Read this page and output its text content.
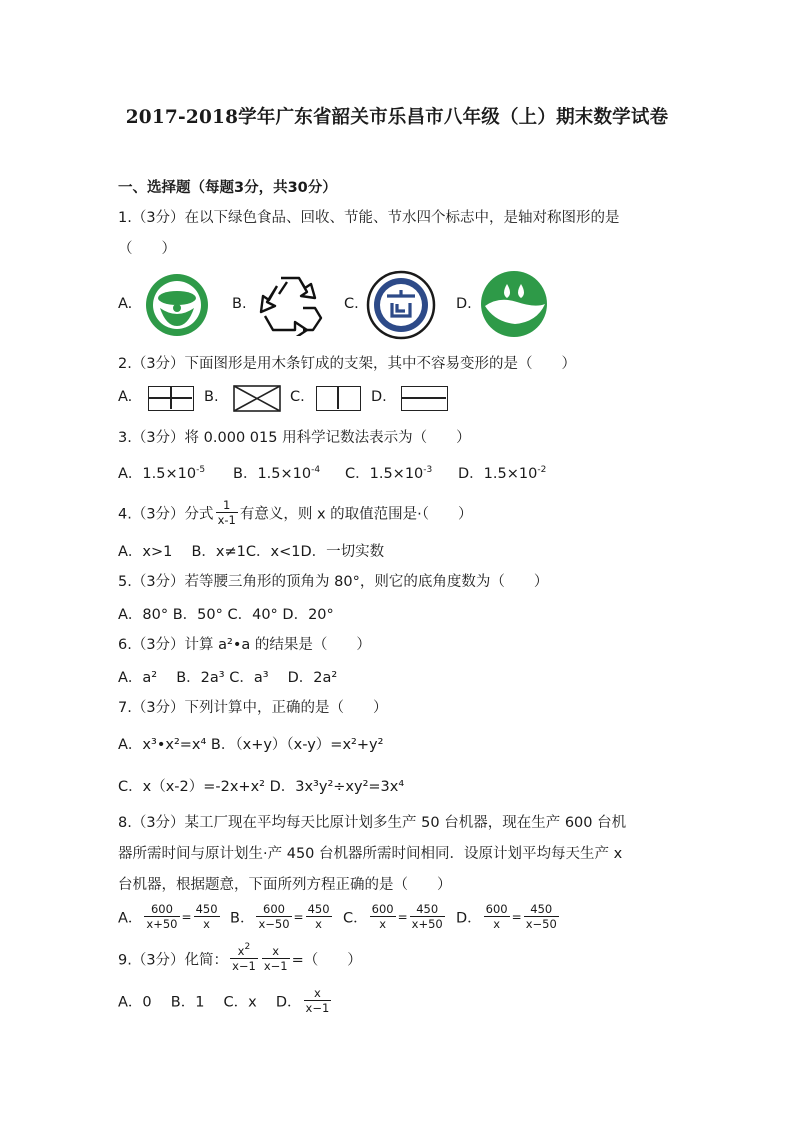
2017-2018学年广东省韶关市乐昌市八年级（上）期末数学试卷
一、选择题（每题3分，共30分）
1.（3分）在以下绿色食品、回收、节能、节水四个标志中，是轴对称图形的是
（　　）
A.	B.	C.	D.
2.（3分）下面图形是用木条钉成的支架，其中不容易变形的是（　　）
A.	B.	C.	D.
3.（3分）将 0.000 015 用科学记数法表示为（　　）
A．$1.5\times 10^{-5}$ B．$1.5\times 10^{-4}$ C．$1.5\times 10^{-3}$ D．$1.5\times 10^{-2}$
4.（3分）分式 $\frac{1}{x-1}$ 有意义，则 x 的取值范围是·（　　）
A．x>1　 B．x≠1C．x<1D．一切实数
5.（3分）若等腰三角形的顶角为 80°，则它的底角度数为（　　）
A．80° B．50° C．40° D．20°
6.（3分）计算 a²•a 的结果是（　　）
A．a²　 B．2a³ C．a³　 D．2a²
7.（3分）下列计算中，正确的是（　　）
A．x³•x²=x⁴ B．（x+y）（x-y）=x²+y²
C．x（x-2）=-2x+x² D．3x³y²÷xy²=3x⁴
8.（3分）某工厂现在平均每天比原计划多生产 50 台机器，现在生产 600 台机
器所需时间与原计划生·产 450 台机器所需时间相同．设原计划平均每天生产 x
台机器，根据题意，下面所列方程正确的是（　　）
A． $\frac{600}{x+50} = \frac{450}{x}$ B． $\frac{600}{x-50} = \frac{450}{x}$ C． $\frac{600}{x} = \frac{450}{x+50}$ D． $\frac{600}{x} = \frac{450}{x-50}$
9.（3分）化简： $\frac{x^2}{x-1} \frac{x}{x-1}$ =（　　）
A．0　 B．1　 C．x　 D． $\frac{x}{x-1}$
